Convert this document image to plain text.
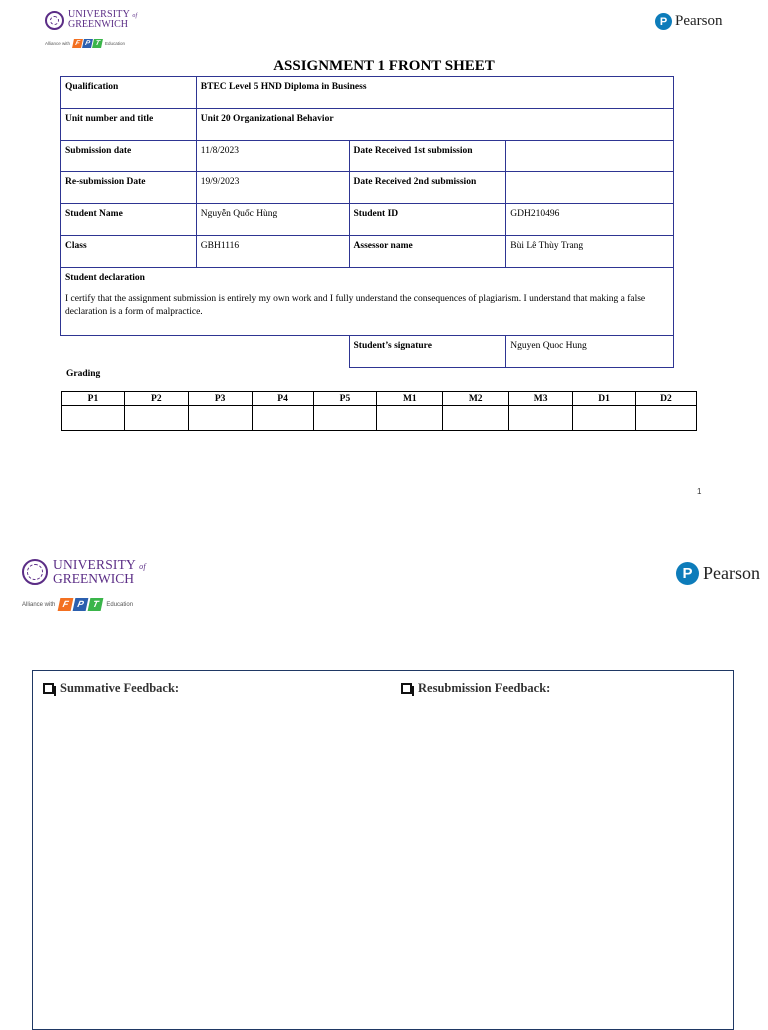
UNIVERSITY of
GREENWICH
Alliance with F P T	Education
P Pearson
ASSIGNMENT 1 FRONT SHEET
Qualification	BTEC Level 5 HND Diploma in Business		
Unit number and title	Unit 20 Organizational Behavior		
Submission date	11/8/2023	Date Received 1st submission	
Re-submission Date	19/9/2023	Date Received 2nd submission	
Student Name	Nguyễn Quốc Hùng	Student ID	GDH210496
Class	GBH1116	Assessor name	Bùi Lê Thùy Trang

Student declaration

I certify that the assignment submission is entirely my own work and I fully understand the consequences of plagiarism. I understand that making a false declaration is a form of malpractice.			

		Student’s signature	Nguyen Quoc Hung
Grading
P1	P2	P3	P4	P5	M1	M2	M3	D1	D2

1
UNIVERSITY of
GREENWICH
Alliance with F P T	Education
P Pearson
Summative Feedback:	Resubmission Feedback:
